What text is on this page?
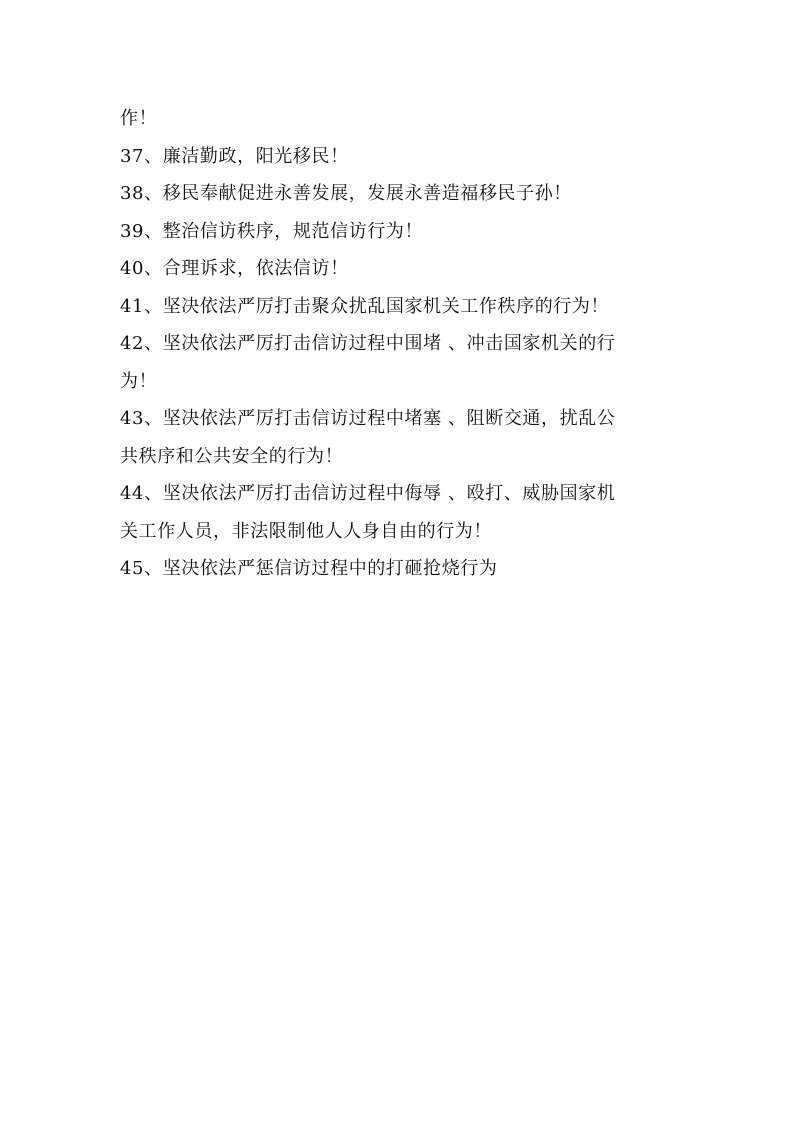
作！
37、廉洁勤政，阳光移民！
38、移民奉献促进永善发展，发展永善造福移民子孙！
39、整治信访秩序，规范信访行为！
40、合理诉求，依法信访！
41、坚决依法严厉打击聚众扰乱国家机关工作秩序的行为！
42、坚决依法严厉打击信访过程中围堵 、冲击国家机关的行
为！
43、坚决依法严厉打击信访过程中堵塞 、阻断交通，扰乱公
共秩序和公共安全的行为！
44、坚决依法严厉打击信访过程中侮辱 、殴打、威胁国家机
关工作人员，非法限制他人人身自由的行为！
45、坚决依法严惩信访过程中的打砸抢烧行为
